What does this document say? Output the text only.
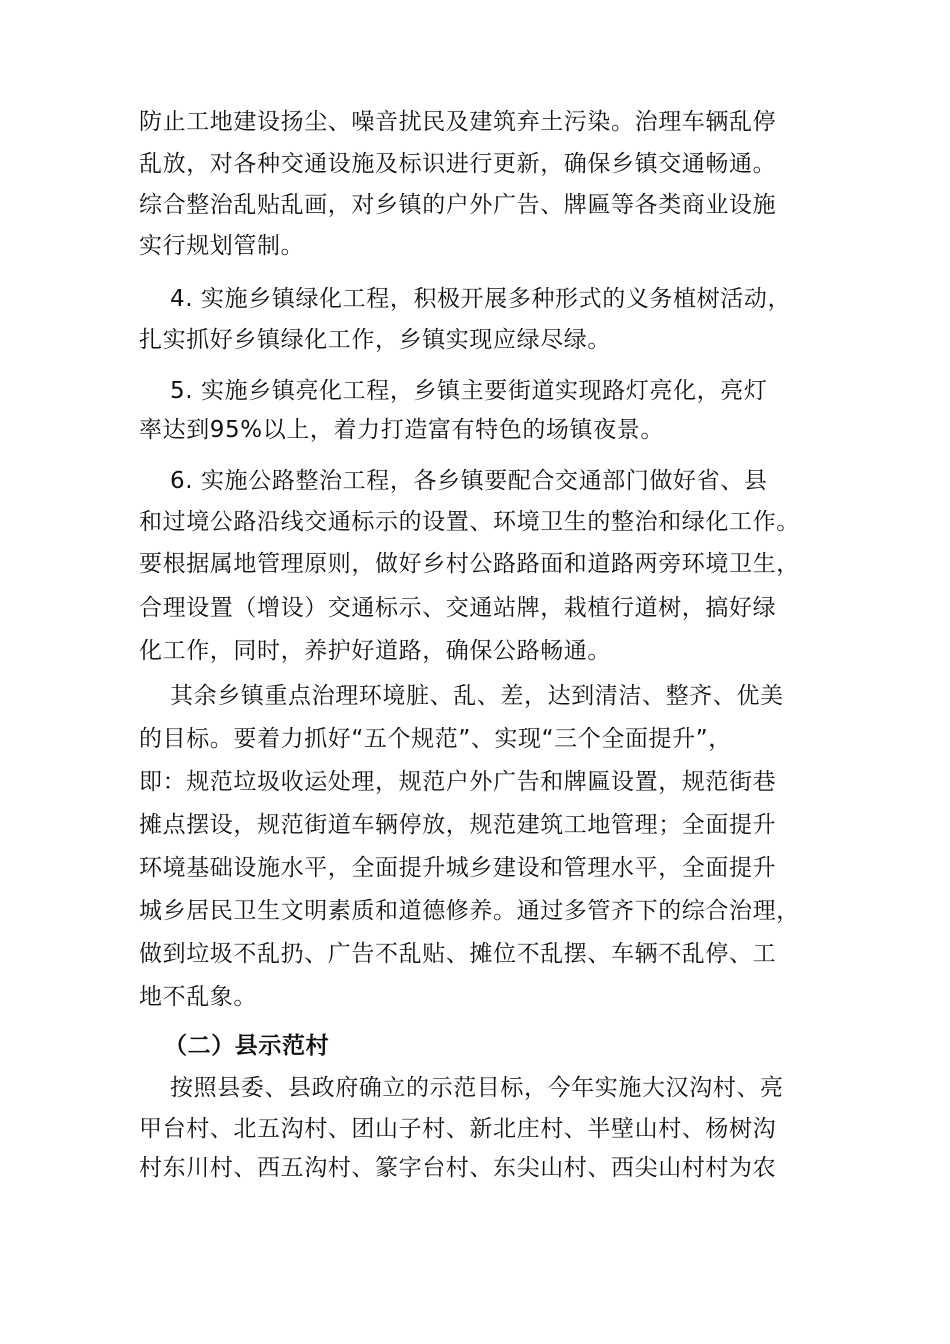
防止工地建设扬尘、噪音扰民及建筑弃土污染。治理车辆乱停
乱放，对各种交通设施及标识进行更新，确保乡镇交通畅通。
综合整治乱贴乱画，对乡镇的户外广告、牌匾等各类商业设施
实行规划管制。
4. 实施乡镇绿化工程，积极开展多种形式的义务植树活动，
扎实抓好乡镇绿化工作，乡镇实现应绿尽绿。
5. 实施乡镇亮化工程，乡镇主要街道实现路灯亮化，亮灯
率达到95%以上，着力打造富有特色的场镇夜景。
6. 实施公路整治工程，各乡镇要配合交通部门做好省、县
和过境公路沿线交通标示的设置、环境卫生的整治和绿化工作。
要根据属地管理原则，做好乡村公路路面和道路两旁环境卫生，
合理设置（增设）交通标示、交通站牌，栽植行道树，搞好绿
化工作，同时，养护好道路，确保公路畅通。
其余乡镇重点治理环境脏、乱、差，达到清洁、整齐、优美
的目标。要着力抓好“五个规范”、实现“三个全面提升”，
即：规范垃圾收运处理，规范户外广告和牌匾设置，规范街巷
摊点摆设，规范街道车辆停放，规范建筑工地管理；全面提升
环境基础设施水平，全面提升城乡建设和管理水平，全面提升
城乡居民卫生文明素质和道德修养。通过多管齐下的综合治理，
做到垃圾不乱扔、广告不乱贴、摊位不乱摆、车辆不乱停、工
地不乱象。
（二）县示范村
按照县委、县政府确立的示范目标，今年实施大汉沟村、亮
甲台村、北五沟村、团山子村、新北庄村、半壁山村、杨树沟
村东川村、西五沟村、篆字台村、东尖山村、西尖山村村为农
